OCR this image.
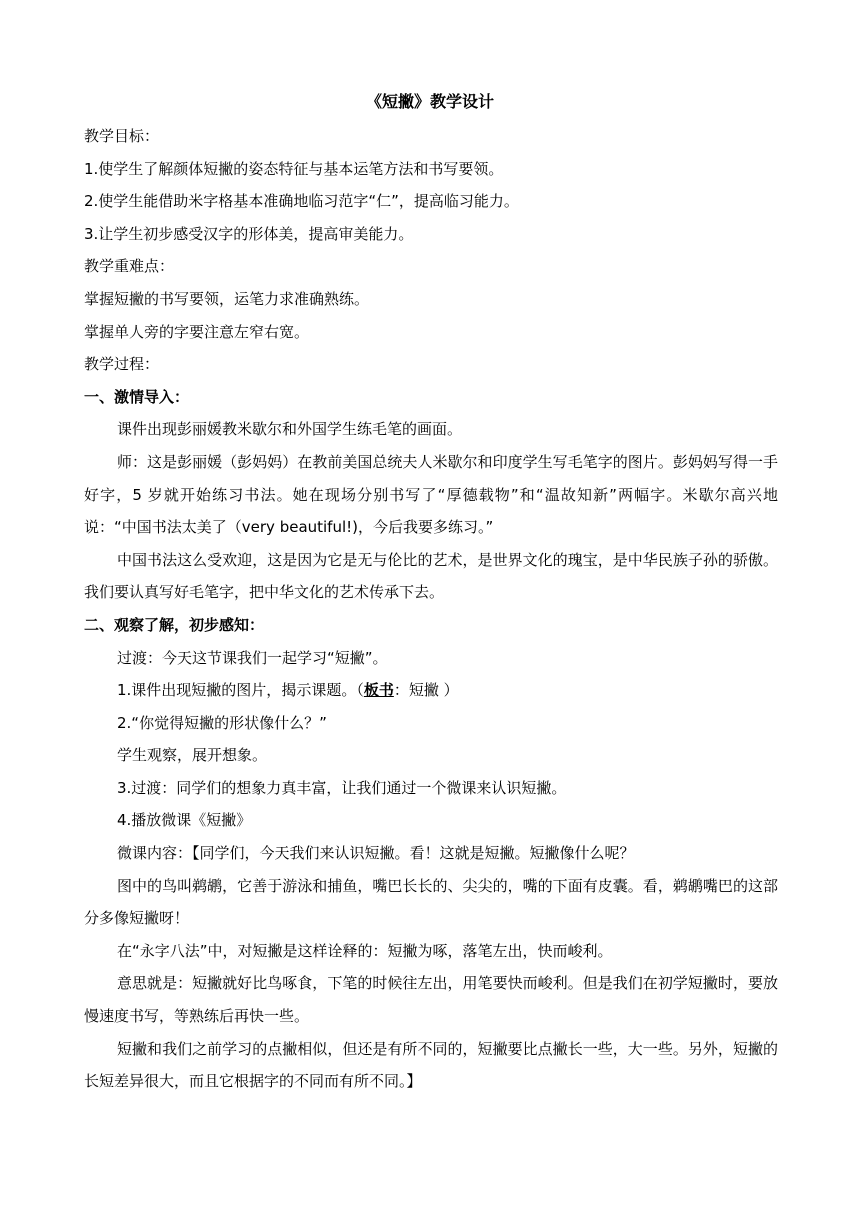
《短撇》教学设计

教学目标：

1.使学生了解颜体短撇的姿态特征与基本运笔方法和书写要领。

2.使学生能借助米字格基本准确地临习范字“仁”，提高临习能力。

3.让学生初步感受汉字的形体美，提高审美能力。

教学重难点：

掌握短撇的书写要领，运笔力求准确熟练。

掌握单人旁的字要注意左窄右宽。

教学过程：

一、激情导入：

课件出现彭丽媛教米歇尔和外国学生练毛笔的画面。

师：这是彭丽媛（彭妈妈）在教前美国总统夫人米歇尔和印度学生写毛笔字的图片。彭妈妈写得一手好字，5 岁就开始练习书法。她在现场分别书写了“厚德载物”和“温故知新”两幅字。米歇尔高兴地说：“中国书法太美了（very beautiful!)，今后我要多练习。”

中国书法这么受欢迎，这是因为它是无与伦比的艺术，是世界文化的瑰宝，是中华民族子孙的骄傲。我们要认真写好毛笔字，把中华文化的艺术传承下去。

二、观察了解，初步感知：

过渡：今天这节课我们一起学习“短撇”。

1.课件出现短撇的图片，揭示课题。（板书：短撇 ）

2.“你觉得短撇的形状像什么？”

学生观察，展开想象。

3.过渡：同学们的想象力真丰富，让我们通过一个微课来认识短撇。

4.播放微课《短撇》

微课内容：【同学们，今天我们来认识短撇。看！这就是短撇。短撇像什么呢？

图中的鸟叫鹈鹕，它善于游泳和捕鱼，嘴巴长长的、尖尖的，嘴的下面有皮囊。看，鹈鹕嘴巴的这部分多像短撇呀！

在“永字八法”中，对短撇是这样诠释的：短撇为啄，落笔左出，快而峻利。

意思就是：短撇就好比鸟啄食，下笔的时候往左出，用笔要快而峻利。但是我们在初学短撇时，要放慢速度书写，等熟练后再快一些。

短撇和我们之前学习的点撇相似，但还是有所不同的，短撇要比点撇长一些，大一些。另外，短撇的长短差异很大，而且它根据字的不同而有所不同。】
